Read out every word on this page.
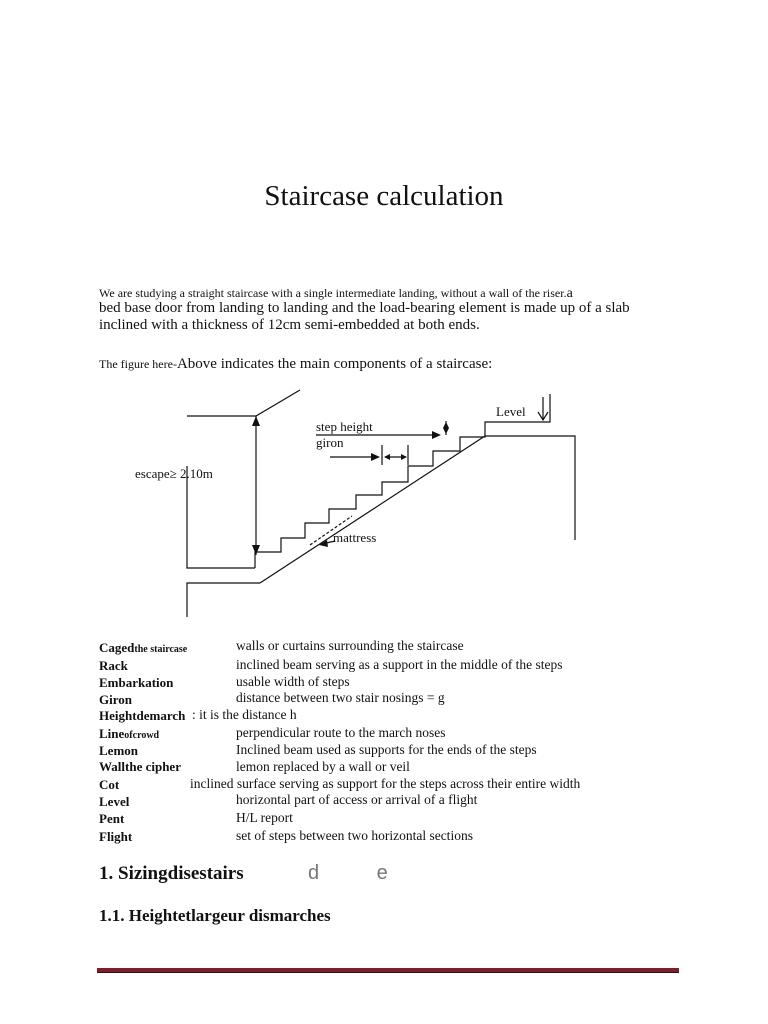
Staircase calculation
We are studying a straight staircase with a single intermediate landing, without a wall of the riser.a
bed base door from landing to landing and the load-bearing element is made up of a slab
inclined with a thickness of 12cm semi-embedded at both ends.
The figure here-Above indicates the main components of a staircase:
Level
step height
giron
escape≥ 2.10m
mattress
Cagedthe staircase	walls or curtains surrounding the staircase
Rack	inclined beam serving as a support in the middle of the steps
Embarkation	usable width of steps
Giron	distance between two stair nosings = g
Heightdemarch : it is the distance h
Lineofcrowd	perpendicular route to the march noses
Lemon	Inclined beam used as supports for the ends of the steps
Wallthe cipher	lemon replaced by a wall or veil
Cot	inclined surface serving as support for the steps across their entire width
Level	horizontal part of access or arrival of a flight
Pent	H/L report
Flight	set of steps between two horizontal sections
1. Sizingdisestairs	d e
1.1. Heightetlargeur dismarches
